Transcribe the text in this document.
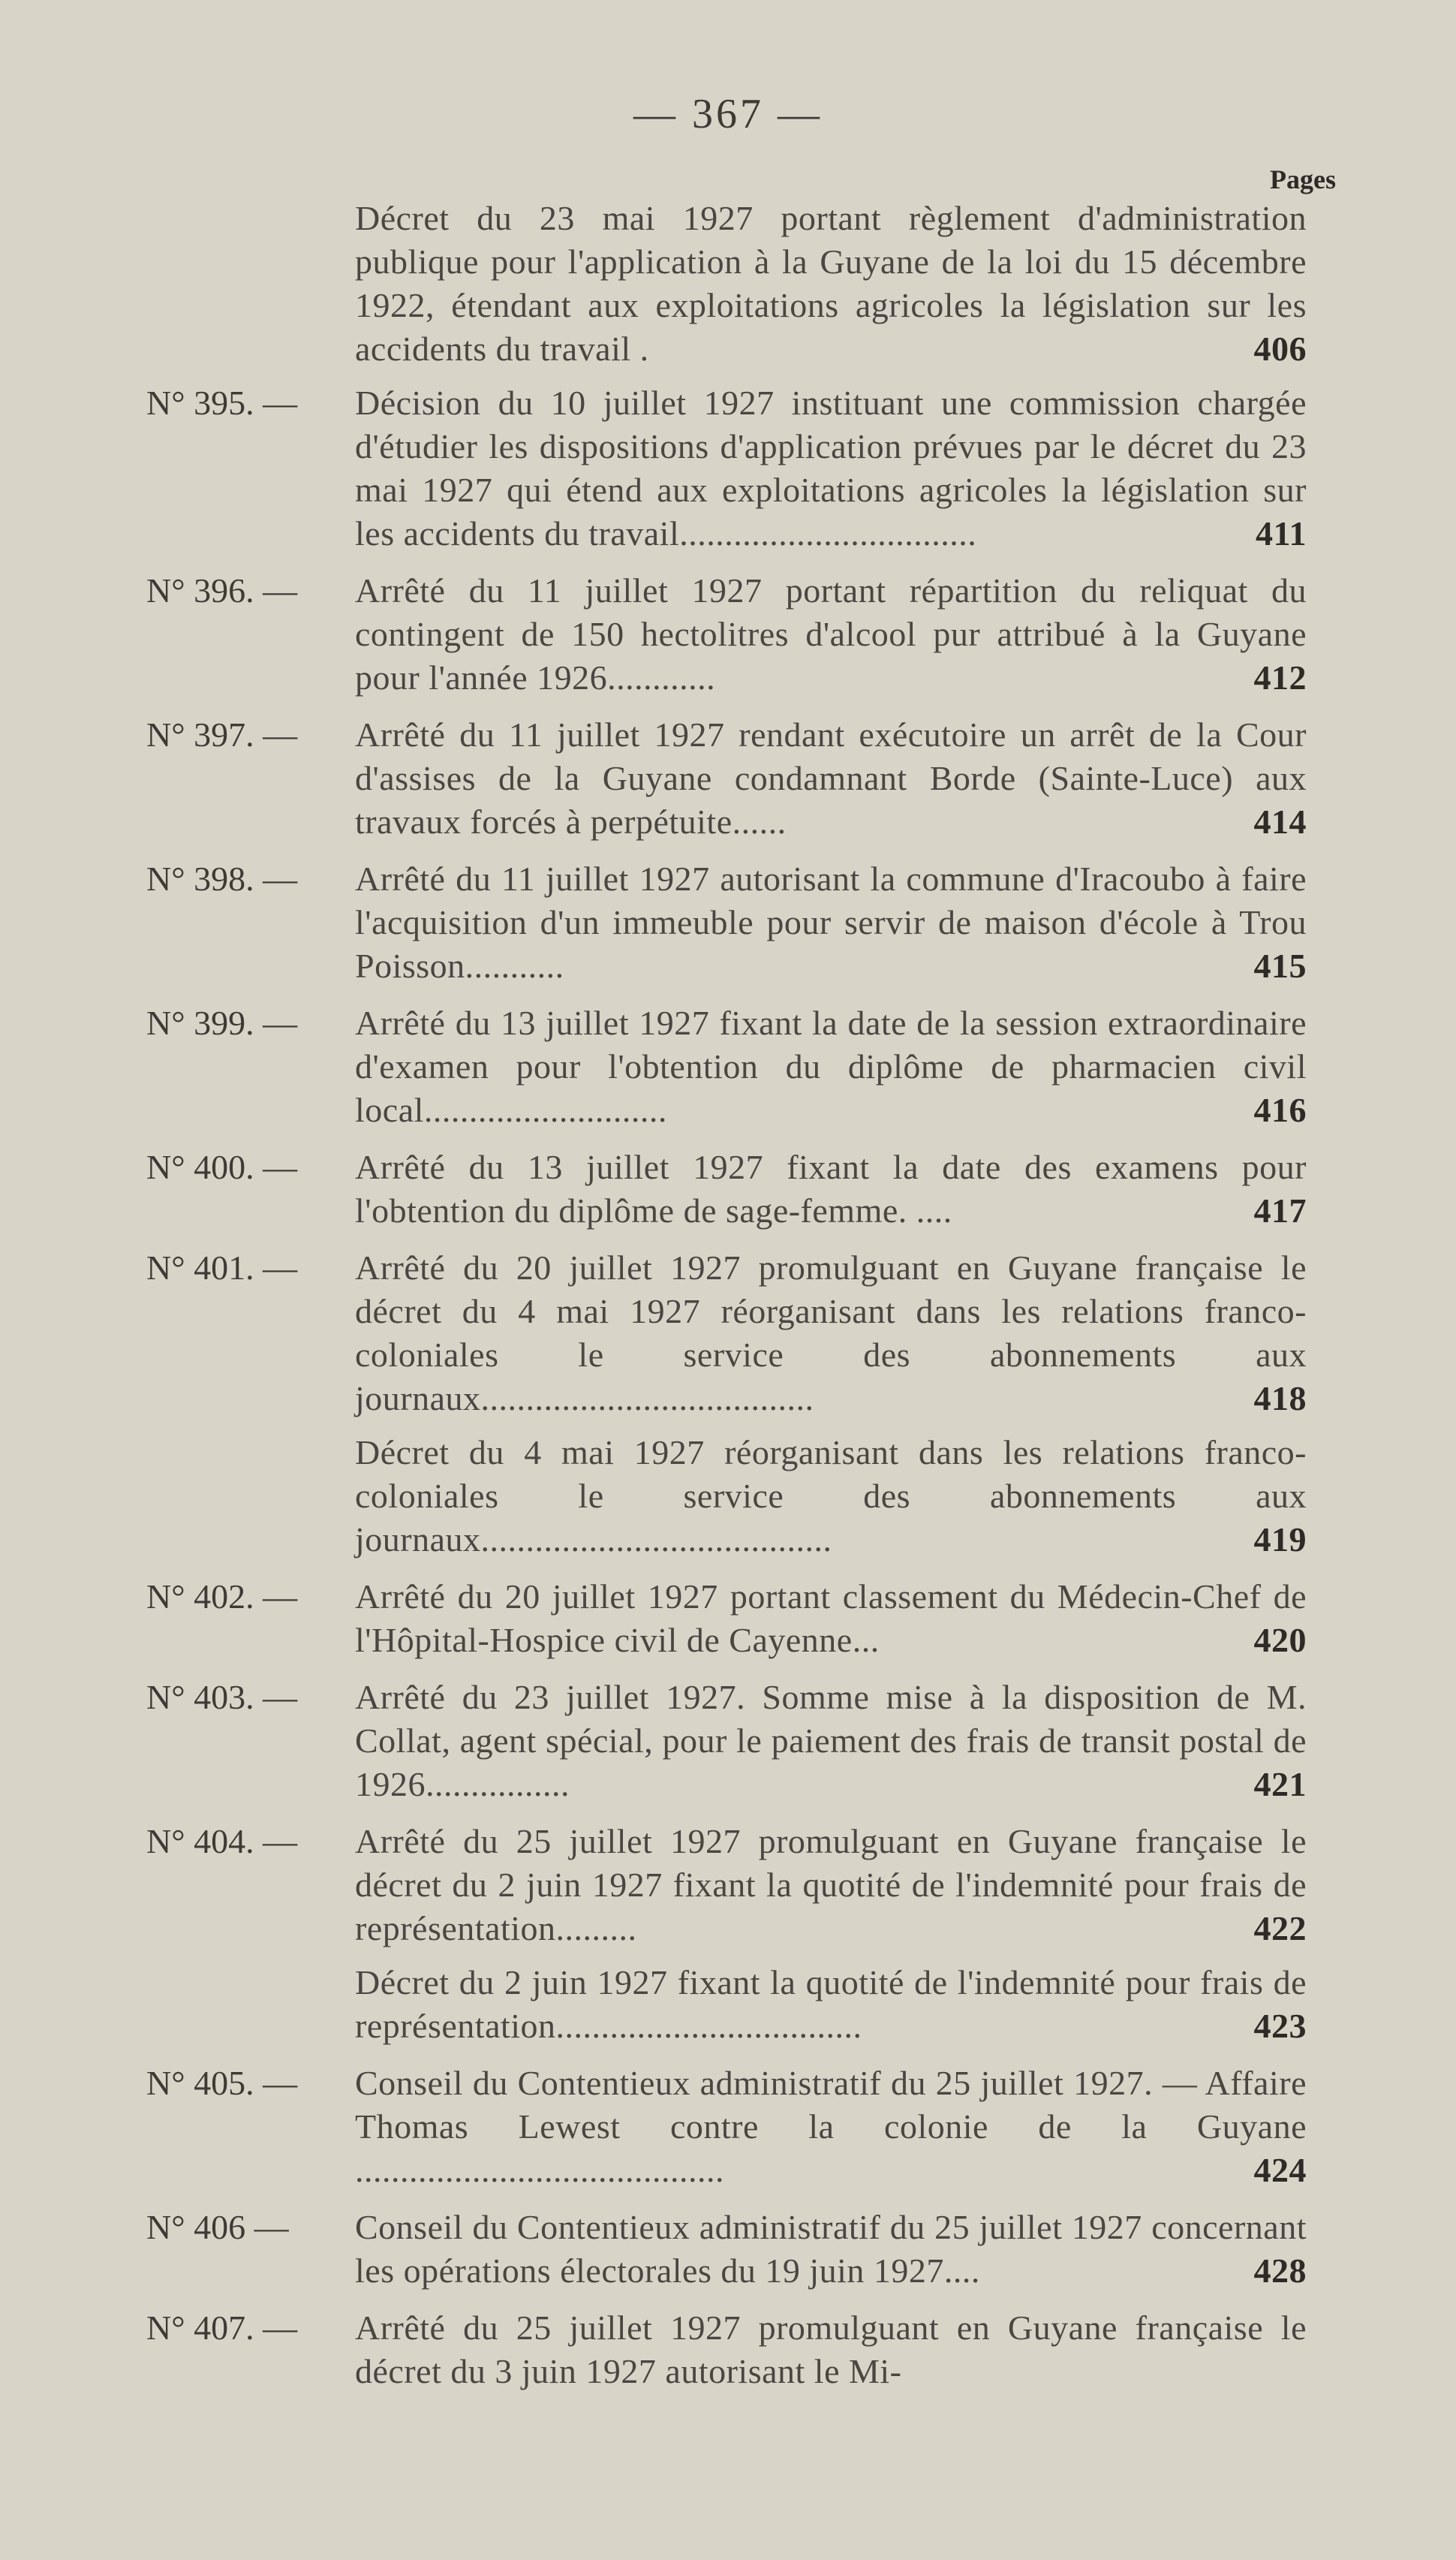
— 367 —
Pages
Décret du 23 mai 1927 portant règlement d'administration publique pour l'application à la Guyane de la loi du 15 décembre 1922, étendant aux exploitations agricoles la législation sur les accidents du travail .	406
N° 395. —	Décision du 10 juillet 1927 instituant une commission chargée d'étudier les dispositions d'application prévues par le décret du 23 mai 1927 qui étend aux exploitations agricoles la législation sur les accidents du travail.................................	411
N° 396. —	Arrêté du 11 juillet 1927 portant répartition du reliquat du contingent de 150 hectolitres d'alcool pur attribué à la Guyane pour l'année 1926............	412
N° 397. —	Arrêté du 11 juillet 1927 rendant exécutoire un arrêt de la Cour d'assises de la Guyane condamnant Borde (Sainte-Luce) aux travaux forcés à perpétuite......	414
N° 398. —	Arrêté du 11 juillet 1927 autorisant la commune d'Iracoubo à faire l'acquisition d'un immeuble pour servir de maison d'école à Trou Poisson...........	415
N° 399. —	Arrêté du 13 juillet 1927 fixant la date de la session extraordinaire d'examen pour l'obtention du diplôme de pharmacien civil local...........................	416
N° 400. —	Arrêté du 13 juillet 1927 fixant la date des examens pour l'obtention du diplôme de sage-femme. ....	417
N° 401. —	Arrêté du 20 juillet 1927 promulguant en Guyane française le décret du 4 mai 1927 réorganisant dans les relations franco-coloniales le service des abonnements aux journaux.....................................	418
Décret du 4 mai 1927 réorganisant dans les relations franco-coloniales le service des abonnements aux journaux.......................................	419
N° 402. —	Arrêté du 20 juillet 1927 portant classement du Médecin-Chef de l'Hôpital-Hospice civil de Cayenne...	420
N° 403. —	Arrêté du 23 juillet 1927. Somme mise à la disposition de M. Collat, agent spécial, pour le paiement des frais de transit postal de 1926................	421
N° 404. —	Arrêté du 25 juillet 1927 promulguant en Guyane française le décret du 2 juin 1927 fixant la quotité de l'indemnité pour frais de représentation.........	422
Décret du 2 juin 1927 fixant la quotité de l'indemnité pour frais de représentation..................................	423
N° 405. —	Conseil du Contentieux administratif du 25 juillet 1927. — Affaire Thomas Lewest contre la colonie de la Guyane .........................................	424
N° 406 —	Conseil du Contentieux administratif du 25 juillet 1927 concernant les opérations électorales du 19 juin 1927....	428
N° 407. —	Arrêté du 25 juillet 1927 promulguant en Guyane française le décret du 3 juin 1927 autorisant le Mi-
